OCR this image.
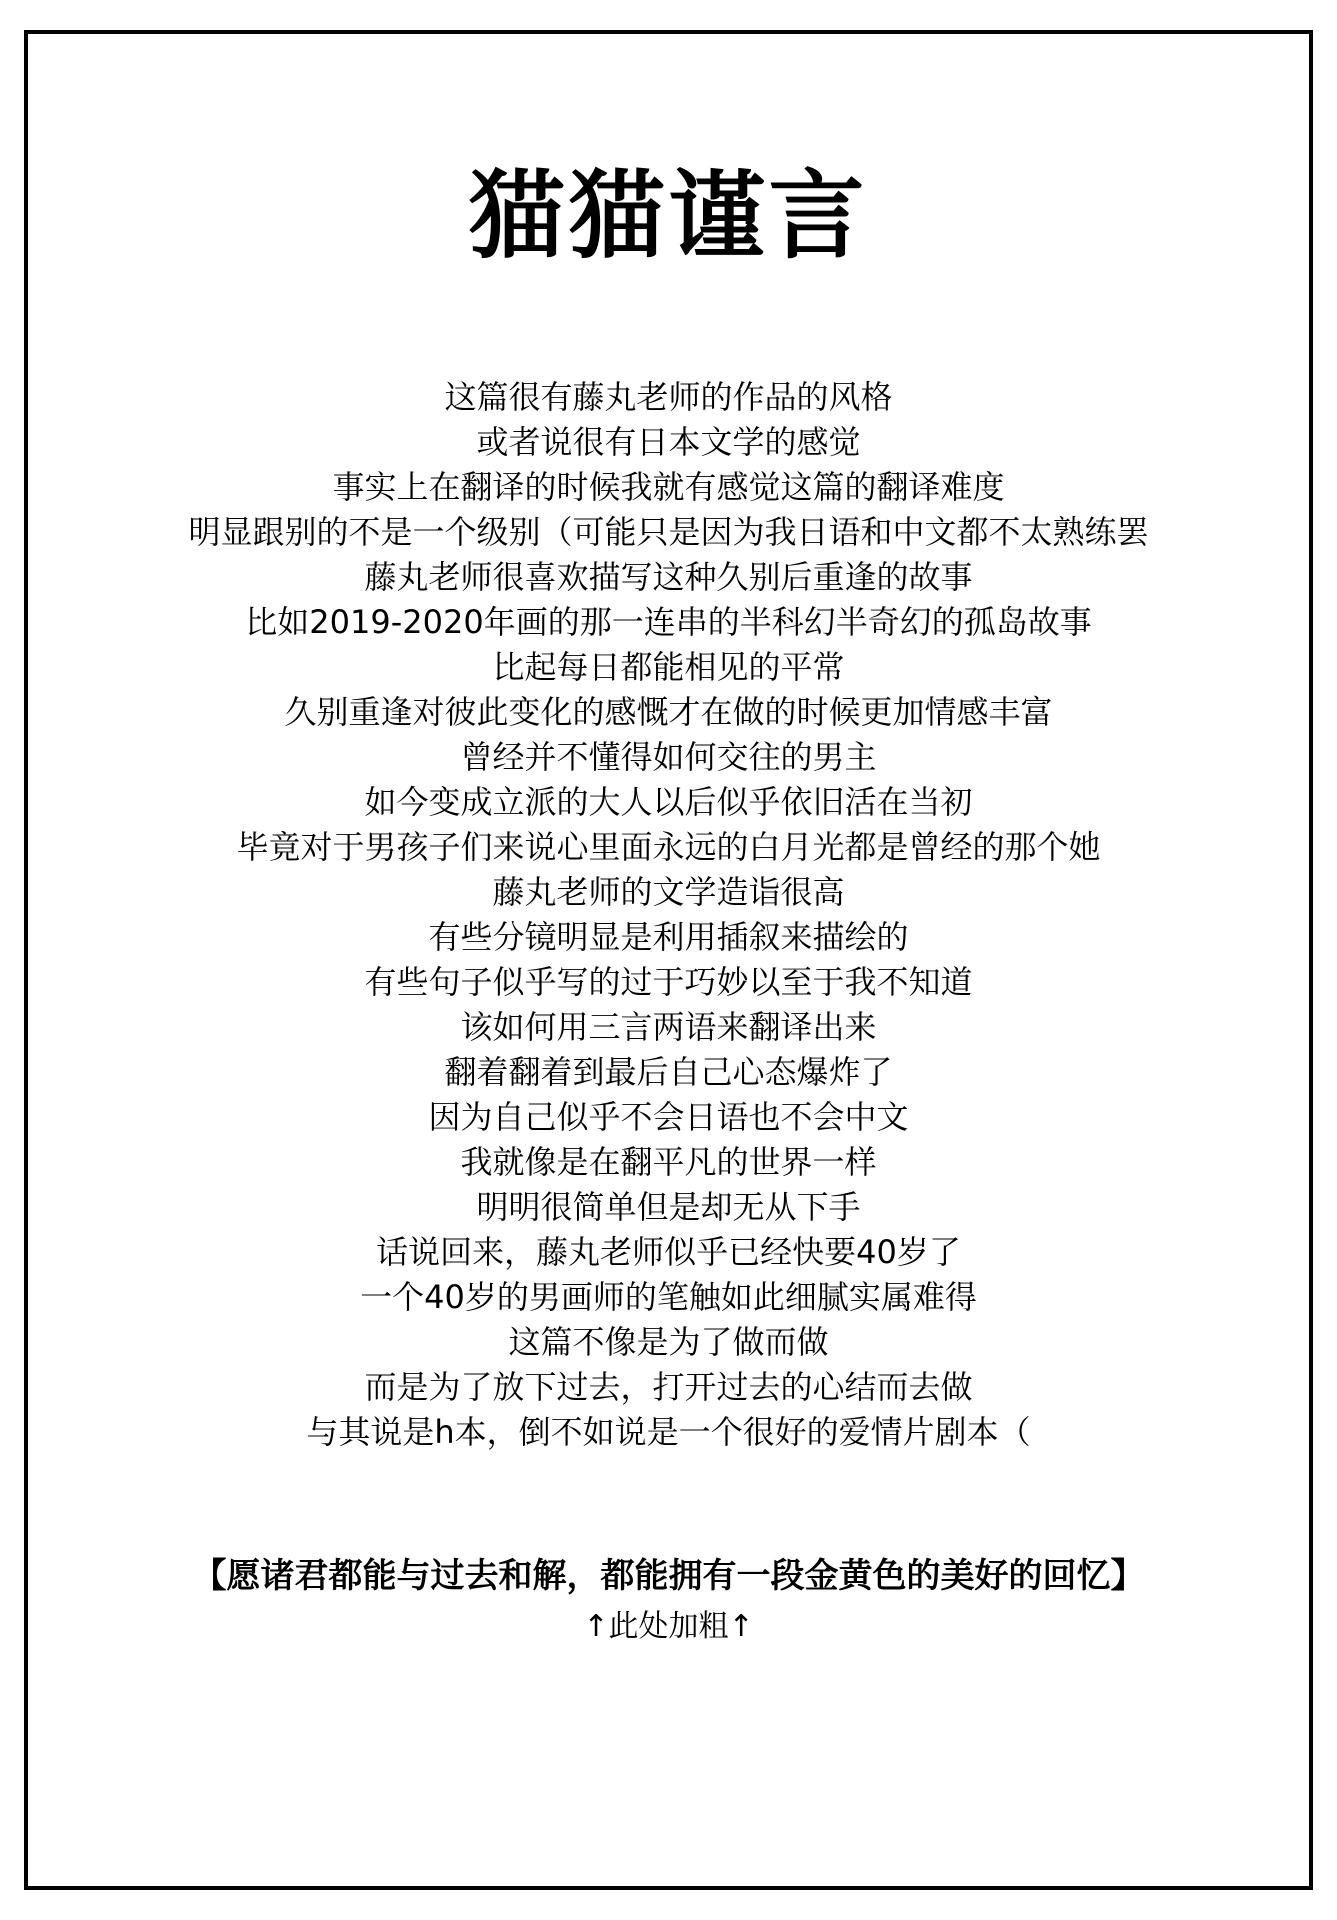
猫猫谨言
这篇很有藤丸老师的作品的风格
或者说很有日本文学的感觉
事实上在翻译的时候我就有感觉这篇的翻译难度
明显跟别的不是一个级别（可能只是因为我日语和中文都不太熟练罢
藤丸老师很喜欢描写这种久别后重逢的故事
比如2019-2020年画的那一连串的半科幻半奇幻的孤岛故事
比起每日都能相见的平常
久别重逢对彼此变化的感慨才在做的时候更加情感丰富
曾经并不懂得如何交往的男主
如今变成立派的大人以后似乎依旧活在当初
毕竟对于男孩子们来说心里面永远的白月光都是曾经的那个她
藤丸老师的文学造诣很高
有些分镜明显是利用插叙来描绘的
有些句子似乎写的过于巧妙以至于我不知道
该如何用三言两语来翻译出来
翻着翻着到最后自己心态爆炸了
因为自己似乎不会日语也不会中文
我就像是在翻平凡的世界一样
明明很简单但是却无从下手
话说回来，藤丸老师似乎已经快要40岁了
一个40岁的男画师的笔触如此细腻实属难得
这篇不像是为了做而做
而是为了放下过去，打开过去的心结而去做
与其说是h本，倒不如说是一个很好的爱情片剧本（
【愿诸君都能与过去和解，都能拥有一段金黄色的美好的回忆】
↑此处加粗↑
